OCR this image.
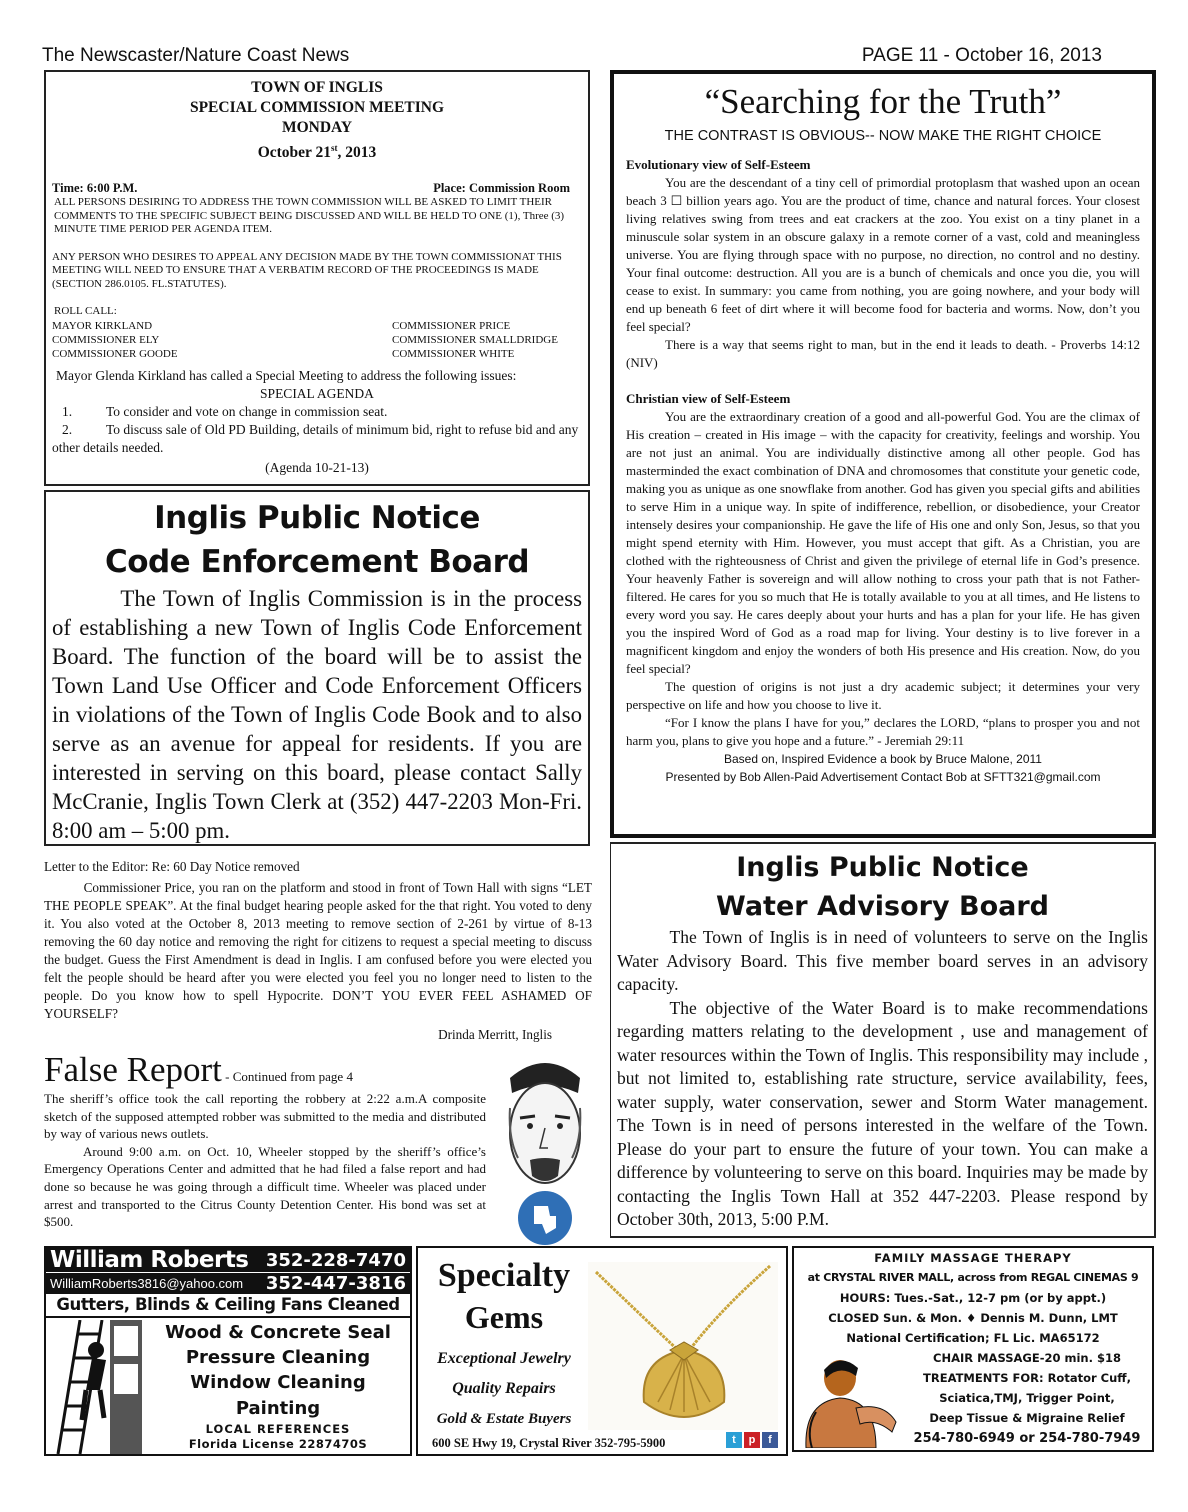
The Newscaster/Nature Coast News	PAGE 11 - October 16, 2013
TOWN OF INGLIS
SPECIAL COMMISSION MEETING
MONDAY
October 21st, 2013
Time: 6:00 P.M.	Place: Commission Room

ALL PERSONS DESIRING TO ADDRESS THE TOWN COMMISSION WILL BE ASKED TO LIMIT THEIR COMMENTS TO THE SPECIFIC SUBJECT BEING DISCUSSED AND WILL BE HELD TO ONE (1), Three (3) MINUTE TIME PERIOD PER AGENDA ITEM.

ANY PERSON WHO DESIRES TO APPEAL ANY DECISION MADE BY THE TOWN COMMISSIONAT THIS MEETING WILL NEED TO ENSURE THAT A VERBATIM RECORD OF THE PROCEEDINGS IS MADE (SECTION 286.0105. FL.STATUTES).

ROLL CALL:
MAYOR KIRKLAND	COMMISSIONER PRICE
COMMISSIONER ELY	COMMISSIONER SMALLDRIDGE
COMMISSIONER GOODE	COMMISSIONER WHITE

Mayor Glenda Kirkland has called a Special Meeting to address the following issues:

SPECIAL AGENDA

1.	To consider and vote on change in commission seat.

2.	To discuss sale of Old PD Building, details of minimum bid, right to refuse bid and any other details needed.

(Agenda 10-21-13)

Inglis Public Notice
Code Enforcement Board

The Town of Inglis Commission is in the process of establishing a new Town of Inglis Code Enforcement Board. The function of the board will be to assist the Town Land Use Officer and Code Enforcement Officers in violations of the Town of Inglis Code Book and to also serve as an avenue for appeal for residents. If you are interested in serving on this board, please contact Sally McCranie, Inglis Town Clerk at (352) 447-2203 Mon-Fri. 8:00 am – 5:00 pm.

Letter to the Editor: Re: 60 Day Notice removed

Commissioner Price, you ran on the platform and stood in front of Town Hall with signs “LET THE PEOPLE SPEAK”. At the final budget hearing people asked for the that right. You voted to deny it. You also voted at the October 8, 2013 meeting to remove section of 2-261 by virtue of 8-13 removing the 60 day notice and removing the right for citizens to request a special meeting to discuss the budget. Guess the First Amendment is dead in Inglis. I am confused before you were elected you felt the people should be heard after you were elected you feel you no longer need to listen to the people. Do you know how to spell Hypocrite. DON’T YOU EVER FEEL ASHAMED OF YOURSELF?

Drinda Merritt, Inglis

False Report - Continued from page 4

The sheriff’s office took the call reporting the robbery at 2:22 a.m.A composite sketch of the supposed attempted robber was submitted to the media and distributed by way of various news outlets.

Around 9:00 a.m. on Oct. 10, Wheeler stopped by the sheriff’s office’s Emergency Operations Center and admitted that he had filed a false report and had done so because he was going through a difficult time. Wheeler was placed under arrest and transported to the Citrus County Detention Center. His bond was set at $500.

“Searching for the Truth”
THE CONTRAST IS OBVIOUS-- NOW MAKE THE RIGHT CHOICE

Evolutionary view of Self-Esteem

You are the descendant of a tiny cell of primordial protoplasm that washed upon an ocean beach 3 ☐ billion years ago. You are the product of time, chance and natural forces. Your closest living relatives swing from trees and eat crackers at the zoo. You exist on a tiny planet in a minuscule solar system in an obscure galaxy in a remote corner of a vast, cold and meaningless universe. You are flying through space with no purpose, no direction, no control and no destiny. Your final outcome: destruction. All you are is a bunch of chemicals and once you die, you will cease to exist. In summary: you came from nothing, you are going nowhere, and your body will end up beneath 6 feet of dirt where it will become food for bacteria and worms. Now, don’t you feel special?

There is a way that seems right to man, but in the end it leads to death. - Proverbs 14:12 (NIV)

Christian view of Self-Esteem

You are the extraordinary creation of a good and all-powerful God. You are the climax of His creation – created in His image – with the capacity for creativity, feelings and worship. You are not just an animal. You are individually distinctive among all other people. God has masterminded the exact combination of DNA and chromosomes that constitute your genetic code, making you as unique as one snowflake from another. God has given you special gifts and abilities to serve Him in a unique way. In spite of indifference, rebellion, or disobedience, your Creator intensely desires your companionship. He gave the life of His one and only Son, Jesus, so that you might spend eternity with Him. However, you must accept that gift. As a Christian, you are clothed with the righteousness of Christ and given the privilege of eternal life in God’s presence. Your heavenly Father is sovereign and will allow nothing to cross your path that is not Father-filtered. He cares for you so much that He is totally available to you at all times, and He listens to every word you say. He cares deeply about your hurts and has a plan for your life. He has given you the inspired Word of God as a road map for living. Your destiny is to live forever in a magnificent kingdom and enjoy the wonders of both His presence and His creation. Now, do you feel special?

The question of origins is not just a dry academic subject; it determines your very perspective on life and how you choose to live it.

“For I know the plans I have for you,” declares the LORD, “plans to prosper you and not harm you, plans to give you hope and a future.” - Jeremiah 29:11

Based on, Inspired Evidence a book by Bruce Malone, 2011

Presented by Bob Allen-Paid Advertisement Contact Bob at SFTT321@gmail.com

Inglis Public Notice
Water Advisory Board

The Town of Inglis is in need of volunteers to serve on the Inglis Water Advisory Board. This five member board serves in an advisory capacity.

The objective of the Water Board is to make recommendations regarding matters relating to the development , use and management of water resources within the Town of Inglis. This responsibility may include , but not limited to, establishing rate structure, service availability, fees, water supply, water conservation, sewer and Storm Water management. The Town is in need of persons interested in the welfare of the Town. Please do your part to ensure the future of your town. You can make a difference by volunteering to serve on this board. Inquiries may be made by contacting the Inglis Town Hall at 352 447-2203. Please respond by October 30th, 2013, 5:00 P.M.

William Roberts 352-228-7470
WilliamRoberts3816@yahoo.com 352-447-3816
Gutters, Blinds & Ceiling Fans Cleaned
Wood & Concrete Seal
Pressure Cleaning
Window Cleaning
Painting
LOCAL REFERENCES
Florida License 2287470S
Specialty
Gems
Exceptional Jewelry
Quality Repairs
Gold & Estate Buyers
600 SE Hwy 19, Crystal River 352-795-5900	t	p	f
FAMILY MASSAGE THERAPY
at CRYSTAL RIVER MALL, across from REGAL CINEMAS 9
HOURS: Tues.-Sat., 12-7 pm (or by appt.)
CLOSED Sun. & Mon. ♦ Dennis M. Dunn, LMT
National Certification; FL Lic. MA65172
CHAIR MASSAGE-20 min. $18
TREATMENTS FOR: Rotator Cuff,
Sciatica,TMJ, Trigger Point,
Deep Tissue & Migraine Relief
254-780-6949 or 254-780-7949
